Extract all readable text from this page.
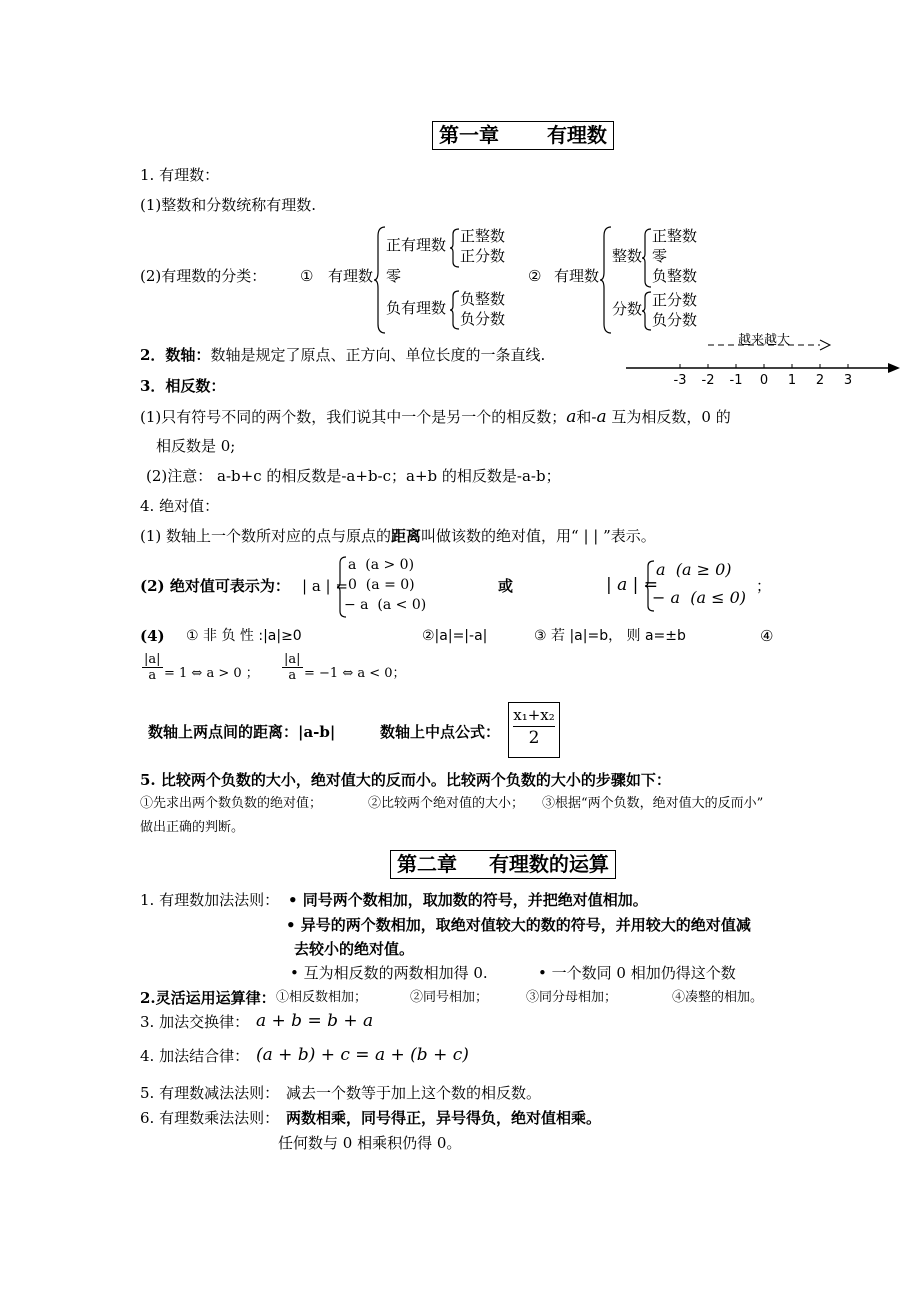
第一章 有理数
1. 有理数：
(1)整数和分数统称有理数.
(2)有理数的分类： ① 有理数
正有理数 正整数
正分数
零
负有理数 负整数
负分数
② 有理数
整数
正整数
零
负整数
分数 正分数
负分数
2．数轴：数轴是规定了原点、正方向、单位长度的一条直线.
越来越大
-3 -2 -1 0 1 2 3
3．相反数：
(1)只有符号不同的两个数，我们说其中一个是另一个的相反数；a和-a 互为相反数，0 的
相反数是 0;
(2)注意： a-b+c 的相反数是-a+b-c；a+b 的相反数是-a-b；
4. 绝对值：
(1) 数轴上一个数所对应的点与原点的距离叫做该数的绝对值，用“ | | ”表示。
(2) 绝对值可表示为： | a | =
a  (a > 0)
0  (a = 0)
− a  (a < 0)
或	| a | =
a  (a ≥ 0)
− a  (a ≤ 0)
；
(4) ① 非 负 性 :|a|≥0	②|a|=|-a|	③ 若 |a|=b， 则 a=±b	④
$\frac{|a|}{a} = 1$ ⇔ a > 0 ； $\frac{|a|}{a} = -1$ ⇔ a < 0；
数轴上两点间的距离：|a-b|	数轴上中点公式： $\frac{\text{x₁+x₂}}{2}$
5. 比较两个负数的大小，绝对值大的反而小。比较两个负数的大小的步骤如下：
①先求出两个数负数的绝对值；	②比较两个绝对值的大小； ③根据“两个负数，绝对值大的反而小”
做出正确的判断。
第二章 有理数的运算
1. 有理数加法法则： • 同号两个数相加，取加数的符号，并把绝对值相加。
• 异号的两个数相加，取绝对值较大的数的符号，并用较大的绝对值减
去较小的绝对值。
• 互为相反数的两数相加得 0.	• 一个数同 0 相加仍得这个数
2.灵活运用运算律： ①相反数相加；	②同号相加；	③同分母相加；	④凑整的相加。
3. 加法交换律： a + b = b + a
4. 加法结合律： (a + b) + c = a + (b + c)
5. 有理数减法法则： 减去一个数等于加上这个数的相反数。
6. 有理数乘法法则： 两数相乘，同号得正，异号得负，绝对值相乘。
任何数与 0 相乘积仍得 0。
